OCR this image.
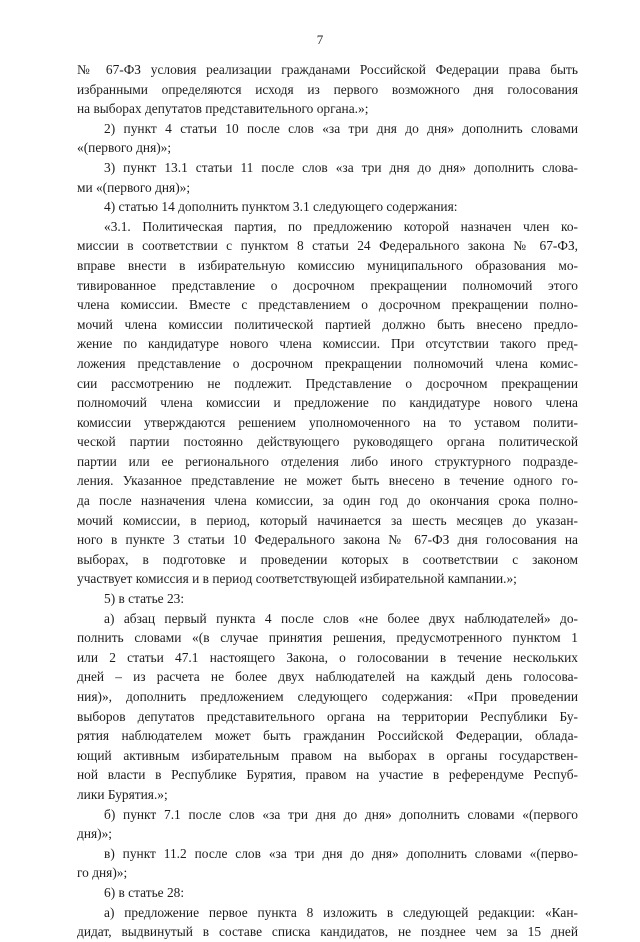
7

№ 67-ФЗ условия реализации гражданами Российской Федерации права быть
избранными определяются исходя из первого возможного дня голосования
на выборах депутатов представительного органа.»;

2) пункт 4 статьи 10 после слов «за три дня до дня» дополнить словами
«(первого дня)»;

3) пункт 13.1 статьи 11 после слов «за три дня до дня» дополнить слова-
ми «(первого дня)»;

4) статью 14 дополнить пунктом 3.1 следующего содержания:

«3.1. Политическая партия, по предложению которой назначен член ко-
миссии в соответствии с пунктом 8 статьи 24 Федерального закона № 67-ФЗ,
вправе внести в избирательную комиссию муниципального образования мо-
тивированное представление о досрочном прекращении полномочий этого
члена комиссии. Вместе с представлением о досрочном прекращении полно-
мочий члена комиссии политической партией должно быть внесено предло-
жение по кандидатуре нового члена комиссии. При отсутствии такого пред-
ложения представление о досрочном прекращении полномочий члена комис-
сии рассмотрению не подлежит. Представление о досрочном прекращении
полномочий члена комиссии и предложение по кандидатуре нового члена
комиссии утверждаются решением уполномоченного на то уставом полити-
ческой партии постоянно действующего руководящего органа политической
партии или ее регионального отделения либо иного структурного подразде-
ления. Указанное представление не может быть внесено в течение одного го-
да после назначения члена комиссии, за один год до окончания срока полно-
мочий комиссии, в период, который начинается за шесть месяцев до указан-
ного в пункте 3 статьи 10 Федерального закона № 67-ФЗ дня голосования на
выборах, в подготовке и проведении которых в соответствии с законом
участвует комиссия и в период соответствующей избирательной кампании.»;

5) в статье 23:

а) абзац первый пункта 4 после слов «не более двух наблюдателей» до-
полнить словами «(в случае принятия решения, предусмотренного пунктом 1
или 2 статьи 47.1 настоящего Закона, о голосовании в течение нескольких
дней – из расчета не более двух наблюдателей на каждый день голосова-
ния)», дополнить предложением следующего содержания: «При проведении
выборов депутатов представительного органа на территории Республики Бу-
рятия наблюдателем может быть гражданин Российской Федерации, облада-
ющий активным избирательным правом на выборах в органы государствен-
ной власти в Республике Бурятия, правом на участие в референдуме Респуб-
лики Бурятия.»;

б) пункт 7.1 после слов «за три дня до дня» дополнить словами «(первого
дня)»;

в) пункт 11.2 после слов «за три дня до дня» дополнить словами «(перво-
го дня)»;

6) в статье 28:

а) предложение первое пункта 8 изложить в следующей редакции: «Кан-
дидат, выдвинутый в составе списка кандидатов, не позднее чем за 15 дней
